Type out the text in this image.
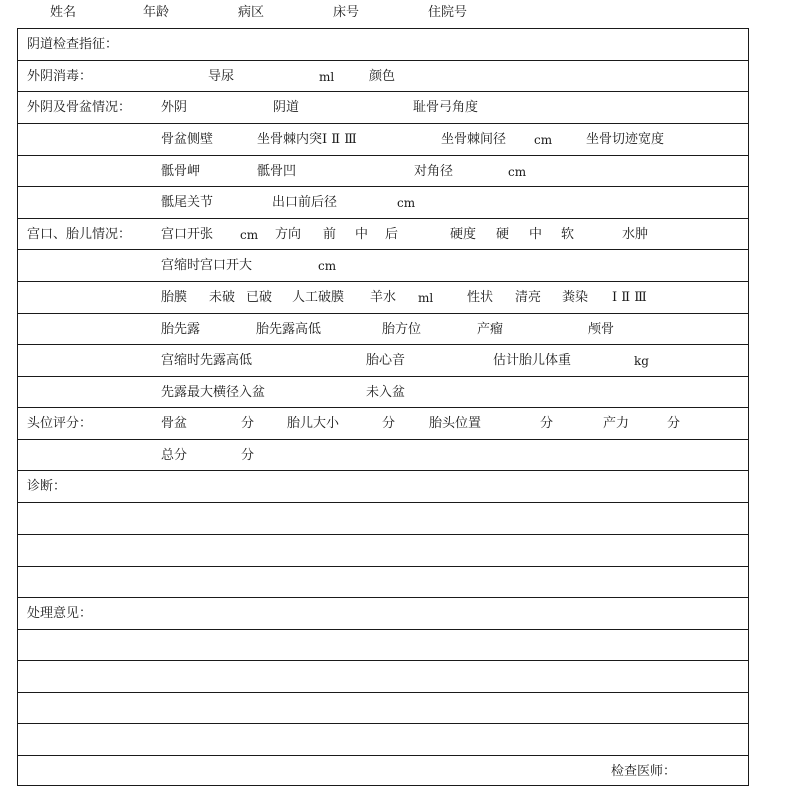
姓名	年龄	病区	床号	住院号
阴道检查指征：
外阴消毒：	导尿	ml	颜色
外阴及骨盆情况： 外阴	阴道	耻骨弓角度
骨盆侧壁	坐骨棘内突Ⅰ Ⅱ Ⅲ	坐骨棘间径 cm	坐骨切迹宽度
骶骨岬	骶骨凹	对角径	cm
骶尾关节	出口前后径	cm
宫口、胎儿情况： 宫口开张 cm 方向 前 中 后	硬度 硬 中 软	水肿
宫缩时宫口开大	cm
胎膜 未破 已破 人工破膜 羊水 ml	性状 清亮 粪染 Ⅰ Ⅱ Ⅲ
胎先露	胎先露高低	胎方位	产瘤	颅骨
宫缩时先露高低	胎心音	估计胎儿体重	kg
先露最大横径入盆	未入盆
头位评分：	骨盆	分	胎儿大小	分	胎头位置	分	产力	分
总分	分
诊断：
处理意见：
检查医师：
